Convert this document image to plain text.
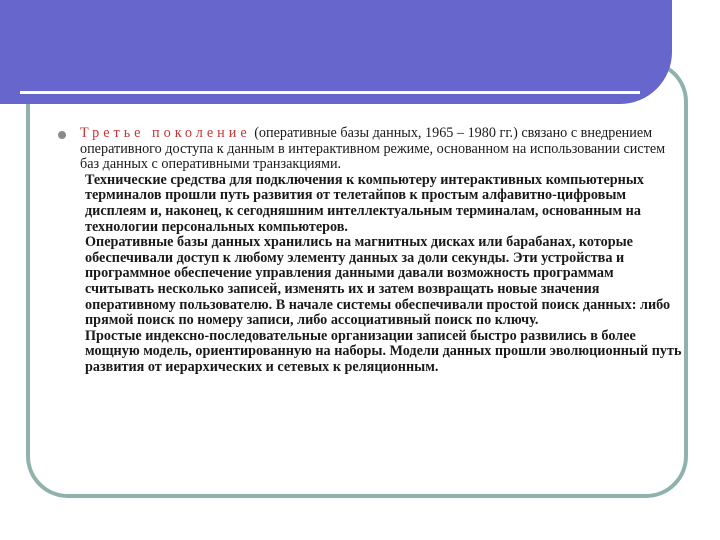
Третье поколение (оперативные базы данных, 1965 – 1980 гг.) связано с внедрением оперативного доступа к данным в интерактивном режиме, основанном на использовании систем баз данных с оперативными транзакциями.

Технические средства для подключения к компьютеру интерактивных компьютерных терминалов прошли путь развития от телетайпов к простым алфавитно-цифровым дисплеям и, наконец, к сегодняшним интеллектуальным терминалам, основанным на технологии персональных компьютеров.

Оперативные базы данных хранились на магнитных дисках или барабанах, которые обеспечивали доступ к любому элементу данных за доли секунды. Эти устройства и программное обеспечение управления данными давали возможность программам считывать несколько записей, изменять их и затем возвращать новые значения оперативному пользователю. В начале системы обеспечивали простой поиск данных: либо прямой поиск по номеру записи, либо ассоциативный поиск по ключу.

Простые индексно-последовательные организации записей быстро развились в более мощную модель, ориентированную на наборы. Модели данных прошли эволюционный путь развития от иерархических и сетевых к реляционным.
